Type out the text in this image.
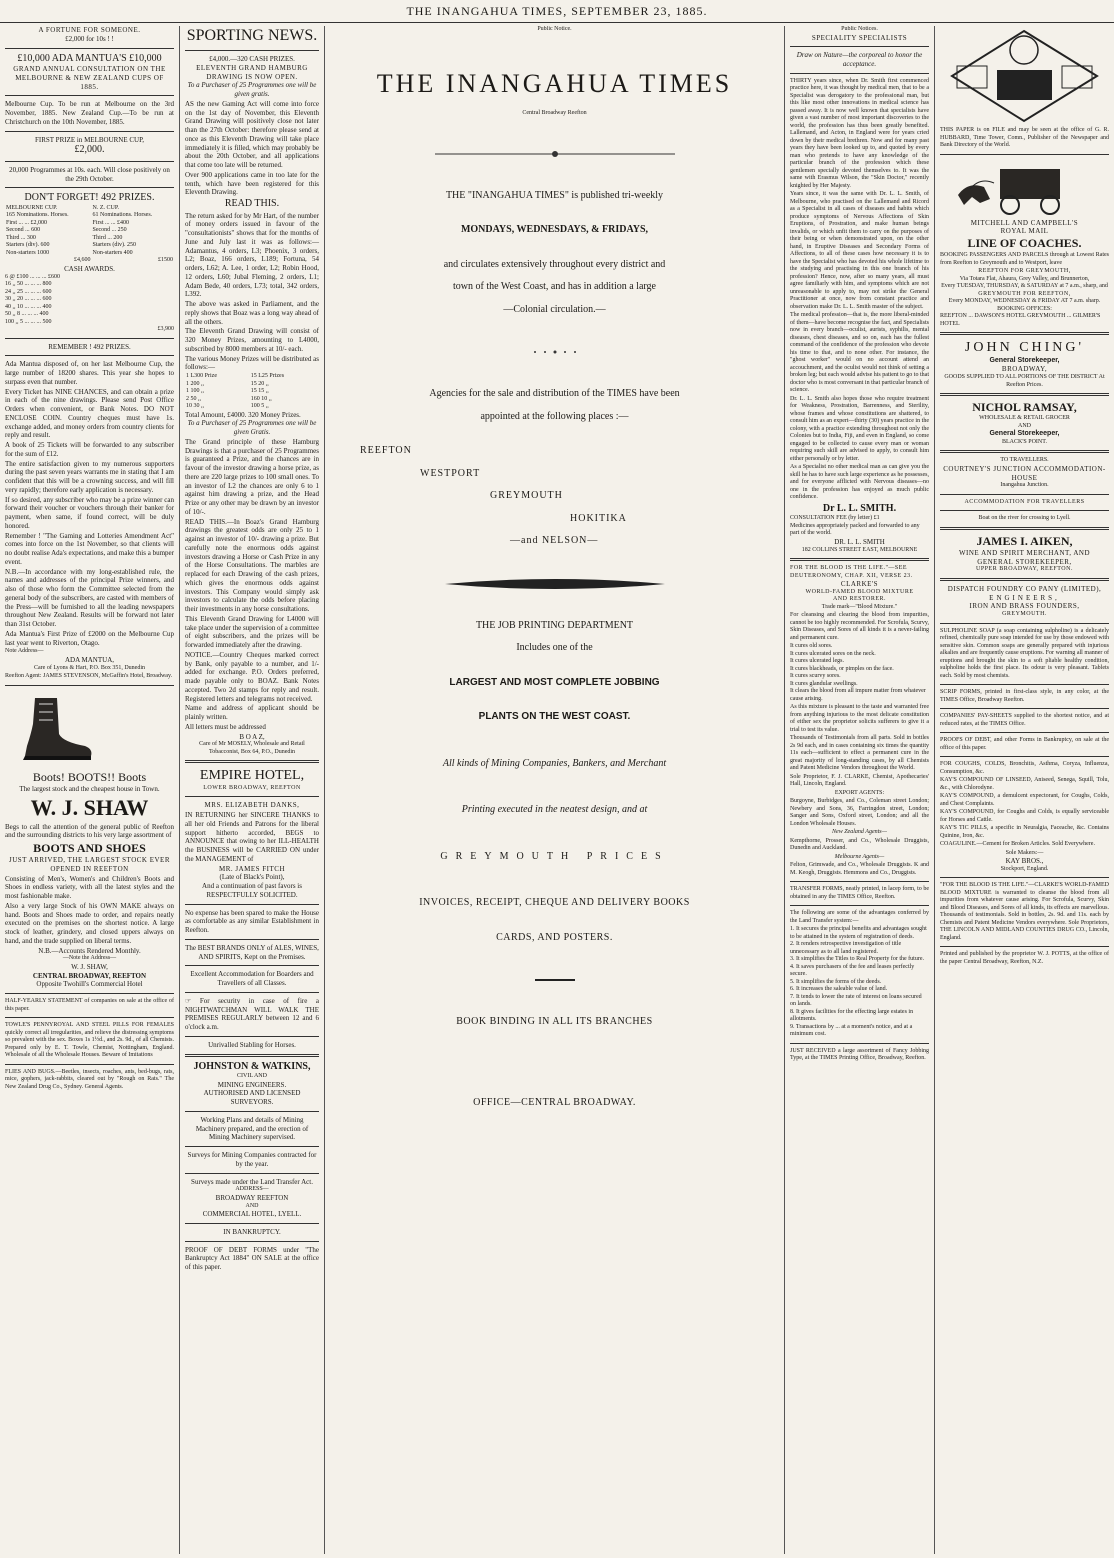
THE INANGAHUA TIMES, SEPTEMBER 23, 1885.
A FORTUNE FOR SOMEONE.
£2,000 for 10s ! !
£10,000 ADA MANTUA'S £10,000
GRAND ANNUAL CONSULTATION ON THE MELBOURNE & NEW ZEALAND CUPS OF 1885.

Melbourne Cup. To be run at Melbourne on the 3rd November, 1885. New Zealand Cup.—To be run at Christchurch on the 10th November, 1885.

FIRST PRIZE in MELBOURNE CUP,
£2,000.

20,000 Programmes at 10s. each. Will close positively on the 29th October.

DON'T FORGET! 492 PRIZES.
MELBOURNE CUP.	N. Z. CUP.
165 Nominations. Horses.	61 Nominations. Horses.
First ... ... £2,000	First ... ... £400
Second ... 600	Second ... 250
Third ... 300	Third ... 200
Starters (div). 600	Starters (div). 250
Non-starters 1000	Non-starters 400
£4,600	£1500
CASH AWARDS.
6 @ £100 ... ... ... £600
16 ,, 50 ... ... ... 800
24 ,, 25 ... ... ... 600
30 ,, 20 ... ... ... 600
40 ,, 10 ... ... ... 400
50 ,, 8 ... ... ... 400
100 ,, 5 ... ... ... 500
£3,900
REMEMBER ! 492 PRIZES.

Ada Mantua disposed of, on her last Melbourne Cup, the large number of 18200 shares. This year she hopes to surpass even that number.

Every Ticket has NINE CHANCES, and can obtain a prize in each of the nine drawings. Please send Post Office Orders when convenient, or Bank Notes. DO NOT ENCLOSE COIN. Country cheques must have 1s. exchange added, and money orders from country clients for reply and result.

A book of 25 Tickets will be forwarded to any subscriber for the sum of £12.

The entire satisfaction given to my numerous supporters during the past seven years warrants me in stating that I am confident that this will be a crowning success, and will fill very rapidly; therefore early application is necessary.

If so desired, any subscriber who may be a prize winner can forward their voucher or vouchers through their banker for payment, when same, if found correct, will be duly honored.

Remember ! "The Gaming and Lotteries Amendment Act" comes into force on the 1st November, so that clients will no doubt realise Ada's expectations, and make this a bumper event.

N.B.—In accordance with my long-established rule, the names and addresses of the principal Prize winners, and also of those who form the Committee selected from the general body of the subscribers, are casted with members of the Press—will be furnished to all the leading newspapers throughout New Zealand. Results will be forward not later than 31st October.

Ada Mantua's First Prize of £2000 on the Melbourne Cup last year went to Riverton, Otago.

Note Address—
ADA MANTUA,
Care of Lyons & Hart, P.O. Box 351, Dunedin

Reefton Agent: JAMES STEVENSON, McGaffin's Hotel, Broadway.

Boots! BOOTS!! Boots
The largest stock and the cheapest house in Town.
W. J. SHAW

Begs to call the attention of the general public of Reefton and the surrounding districts to his very large assortment of

BOOTS AND SHOES
JUST ARRIVED, THE LARGEST STOCK EVER OPENED IN REEFTON

Consisting of Men's, Women's and Children's Boots and Shoes in endless variety, with all the latest styles and the most fashionable make.

Also a very large Stock of his OWN MAKE always on hand. Boots and Shoes made to order, and repairs neatly executed on the premises on the shortest notice. A large stock of leather, grindery, and closed uppers always on hand, and the trade supplied on liberal terms.

N.B.—Accounts Rendered Monthly.
—Note the Address—
W. J. SHAW,
CENTRAL BROADWAY, REEFTON
Opposite Twohill's Commercial Hotel

HALF-YEARLY STATEMENT of companies on sale at the office of this paper.

TOWLE'S PENNYROYAL AND STEEL PILLS FOR FEMALES quickly correct all irregularities, and relieve the distressing symptoms so prevalent with the sex. Boxes 1s 1½d., and 2s. 9d., of all Chemists. Prepared only by E. T. Towle, Chemist, Nottingham, England. Wholesale of all the Wholesale Houses. Beware of Imitations

FLIES AND BUGS.—Beetles, insects, roaches, ants, bed-bugs, rats, mice, gophers, jack-rabbits, cleared out by "Rough on Rats." The New Zealand Drug Co., Sydney. General Agents.

SPORTING NEWS.
£4,000.—320 CASH PRIZES.
ELEVENTH GRAND HAMBURG DRAWING IS NOW OPEN.
To a Purchaser of 25 Programmes one will be given gratis.

AS the new Gaming Act will come into force on the 1st day of November, this Eleventh Grand Drawing will positively close not later than the 27th October: therefore please send at once as this Eleventh Drawing will take place immediately it is filled, which may probably be about the 20th October, and all applications that come too late will be returned.

Over 900 applications came in too late for the tenth, which have been registered for this Eleventh Drawing.

READ THIS.

The return asked for by Mr Hart, of the number of money orders issued in favour of the "consultationists" shows that for the months of June and July last it was as follows:—Adamantus, 4 orders, L3; Phoenix, 3 orders, L2; Boaz, 166 orders, L189; Fortuna, 54 orders, L62; A. Lee, 1 order, L2; Robin Hood, 12 orders, L60; Jubal Fleming, 2 orders, L1; Adam Bede, 40 orders, L73; total, 342 orders, L392.

The above was asked in Parliament, and the reply shows that Boaz was a long way ahead of all the others.

The Eleventh Grand Drawing will consist of 320 Money Prizes, amounting to L4000, subscribed by 8000 members at 10/- each.

The various Money Prizes will be distributed as follows:—

1 L300 Prize	15 L25 Prizes
1 200 ,,	15 20 ,,
1 100 ,,	15 15 ,,
2 50 ,,	160 10 ,,
10 30 ,,	100 5 ,,
Total Amount, £4000. 320 Money Prizes.
To a Purchaser of 25 Programmes one will be given Gratis.

The Grand principle of these Hamburg Drawings is that a purchaser of 25 Programmes is guaranteed a Prize, and the chances are in favour of the investor drawing a horse prize, as there are 220 large prizes to 100 small ones. To an investor of L2 the chances are only 6 to 1 against him drawing a prize, and the Head Prize or any other may be drawn by an investor of 10/-.

READ THIS.—In Boaz's Grand Hamburg drawings the greatest odds are only 25 to 1 against an investor of 10/- drawing a prize. But carefully note the enormous odds against investors drawing a Horse or Cash Prize in any of the Horse Consultations. The marbles are replaced for each Drawing of the cash prizes, which gives the enormous odds against investors. This Company would simply ask investors to calculate the odds before placing their investments in any horse consultations.

This Eleventh Grand Drawing for L4000 will take place under the supervision of a committee of eight subscribers, and the prizes will be forwarded immediately after the drawing.

NOTICE.—Country Cheques marked correct by Bank, only payable to a number, and 1/- added for exchange. P.O. Orders preferred, made payable only to BOAZ. Bank Notes accepted. Two 2d stamps for reply and result. Registered letters and telegrams not received.

Name and address of applicant should be plainly written.

All letters must be addressed

B O A Z,
Care of Mr MOSELY, Wholesale and Retail Tobacconist, Box 64, P.O., Dunedin
EMPIRE HOTEL,
LOWER BROADWAY, REEFTON
MRS. ELIZABETH DANKS,

IN RETURNING her SINCERE THANKS to all her old Friends and Patrons for the liberal support hitherto accorded, BEGS to ANNOUNCE that owing to her ILL-HEALTH the BUSINESS will be CARRIED ON under the MANAGEMENT of

MR. JAMES FITCH
(Late of Black's Point),
And a continuation of past favors is RESPECTFULLY SOLICITED.

No expense has been spared to make the House as comfortable as any similar Establishment in Reefton.

The BEST BRANDS ONLY of ALES, WINES, AND SPIRITS, Kept on the Premises.
Excellent Accommodation for Boarders and Travellers of all Classes.

☞ For security in case of fire a NIGHTWATCHMAN WILL WALK THE PREMISES REGULARLY between 12 and 6 o'clock a.m.

Unrivalled Stabling for Horses.
JOHNSTON & WATKINS,
CIVIL AND
MINING ENGINEERS.
AUTHORISED AND LICENSED SURVEYORS.
Working Plans and details of Mining Machinery prepared, and the erection of Mining Machinery supervised.
Surveys for Mining Companies contracted for by the year.
Surveys made under the Land Transfer Act.
ADDRESS—
BROADWAY REEFTON
AND
COMMERCIAL HOTEL, LYELL.
IN BANKRUPTCY.

PROOF OF DEBT FORMS under "The Bankruptcy Act 1884" ON SALE at the office of this paper.

Public Notice.
THE INANGAHUA TIMES
Central Broadway Reefton
THE "INANGAHUA TIMES" is published tri-weekly
MONDAYS, WEDNESDAYS, & FRIDAYS,
and circulates extensively throughout every district and
town of the West Coast, and has in addition a large
—Colonial circulation.—
Agencies for the sale and distribution of the TIMES have been
appointed at the following places :—
REEFTON
WESTPORT
GREYMOUTH
HOKITIKA
—and NELSON—
THE JOB PRINTING DEPARTMENT
Includes one of the
LARGEST AND MOST COMPLETE JOBBING
PLANTS ON THE WEST COAST.
All kinds of Mining Companies, Bankers, and Merchant
Printing executed in the neatest design, and at
GREYMOUTH PRICES
INVOICES, RECEIPT, CHEQUE AND DELIVERY BOOKS
CARDS, AND POSTERS.
BOOK BINDING IN ALL ITS BRANCHES
OFFICE—CENTRAL BROADWAY.
Public Notices.
SPECIALITY SPECIALISTS
Draw on Nature—the corporeal to honor the acceptance.

THIRTY years since, when Dr. Smith first commenced practice here, it was thought by medical men, that to be a Specialist was derogatory to the professional man, but this like most other innovations in medical science has passed away. It is now well known that specialists have given a vast number of most important discoveries to the world, the profession has thus been greatly benefited. Lallemand, and Acton, in England were for years cried down by their medical brethren. Now and for many past years they have been looked up to, and quoted by every man who pretends to have any knowledge of the particular branch of the profession which these gentlemen specially devoted themselves to. It was the same with Erasmus Wilson, the "Skin Doctor," recently knighted by Her Majesty.

Years since, it was the same with Dr. L. L. Smith, of Melbourne, who practised on the Lallemand and Ricord as a Specialist in all cases of diseases and habits which produce symptoms of Nervous Affections of Skin Eruptions, of Prostration, and make human beings invalids, or which unfit them to carry on the purposes of their being or when demonstrated upon, on the other hand, in Eruptive Diseases and Secondary Forms of Affections, to all of these cases how necessary it is to have the Specialist who has devoted his whole lifetime to the studying and practising in this one branch of his profession? Hence, now, after so many years, all must agree familiarly with him, and symptoms which are not unreasonable to apply to, may not strike the General Practitioner at once, now from constant practice and observation make Dr. L. L. Smith master of the subject.

The medical profession—that is, the more liberal-minded of them—have become recognise the fact, and Specialists now in every branch—oculist, aurists, syphilis, mental diseases, chest diseases, and so on, each has the fullest command of the confidence of the profession who devote his time to that, and to none other. For instance, the "ghost worker" would on no account attend an accouchment, and the oculist would not think of setting a broken leg; but each would advise his patient to go to that doctor who is most conversant in that particular branch of science.

Dr. L. L. Smith also hopes those who require treatment for Weakness, Prostration, Barrenness, and Sterility, whose frames and whose constitutions are shattered, to consult him as an expert—thirty (30) years practice in the colony, with a practice extending throughout not only the Colonies but to India, Fiji, and even in England, so come engaged to be collected to cause every man or woman requiring such skill are advised to apply, to consult him either personally or by letter.

As a Specialist no other medical man as can give you the skill he has to have such large experience as he possesses, and for everyone afflicted with Nervous diseases—no one in the profession has enjoyed as much public confidence.

Dr L. L. SMITH.
CONSULTATION FEE (by letter) £1
Medicines appropriately packed and forwarded to any part of the world.
DR. L. L. SMITH
182 COLLINS STREET EAST, MELBOURNE
FOR THE BLOOD IS THE LIFE."—SEE DEUTERONOMY, CHAP. XII, VERSE 23.
CLARKE'S
WORLD-FAMED BLOOD MIXTURE
AND RESTORER.
Trade mark—"Blood Mixture."

For cleansing and clearing the blood from impurities, cannot be too highly recommended. For Scrofula, Scurvy, Skin Diseases, and Sores of all kinds it is a never-failing and permanent cure.

It cures old sores.
It cures ulcerated sores on the neck.
It cures ulcerated legs.
It cures blackheads, or pimples on the face.
It cures scurvy sores.
It cures glandular swellings.
It clears the blood from all impure matter from whatever cause arising.

As this mixture is pleasant to the taste and warranted free from anything injurious to the most delicate constitution of either sex the proprietor solicits sufferers to give it a trial to test its value.

Thousands of Testimonials from all parts. Sold in bottles 2s 9d each, and in cases containing six times the quantity 11s each—sufficient to effect a permanent cure in the great majority of long-standing cases, by all Chemists and Patent Medicine Vendors throughout the World.

Sole Proprietor, F. J. CLARKE, Chemist, Apothecaries' Hall, Lincoln, England.

EXPORT AGENTS:

Burgoyne, Burbidges, and Co., Coleman street London; Newbery and Sons, 36, Farringdon street, London; Sanger and Sons, Oxford street, London; and all the London Wholesale Houses.

New Zealand Agents—

Kempthorne, Prosser, and Co., Wholesale Druggists, Dunedin and Auckland.

Melbourne Agents—

Felton, Grimwade, and Co., Wholesale Druggists. K and M. Keogh, Druggists. Hemmons and Co., Druggists.

TRANSFER FORMS, neatly printed, in lacep form, to be obtained in any the TIMES Office, Reefton.

The following are some of the advantages conferred by the Land Transfer system:—

1. It secures the principal benefits and advantages sought to be attained in the system of registration of deeds.
2. It renders retrospective investigation of title unnecessary as to all land registered.
3. It simplifies the Titles to Real Property for the future.
4. It saves purchasers of the fee and leases perfectly secure.
5. It simplifies the forms of the deeds.
6. It increases the saleable value of land.
7. It tends to lower the rate of interest on loans secured on lands.
8. It gives facilities for the effecting large estates in allotments.
9. Transactions by ... at a moment's notice, and at a minimum cost.

JUST RECEIVED a large assortment of Fancy Jobbing Type, at the TIMES Printing Office, Broadway, Reefton.

THIS PAPER is on FILE and may be seen at the office of G. R. HUBBARD, Time Tower, Comn., Publisher of the Newspaper and Bank Directory of the World.

MITCHELL AND CAMPBELL'S
ROYAL MAIL
LINE OF COACHES.

BOOKING PASSENGERS AND PARCELS through at Lowest Rates from Reefton to Greymouth and to Westport, leave

REEFTON FOR GREYMOUTH,
Via Totara Flat, Ahaura, Grey Valley, and Brunnerton,
Every TUESDAY, THURSDAY, & SATURDAY at 7 a.m., sharp, and
GREYMOUTH FOR REEFTON,
Every MONDAY, WEDNESDAY & FRIDAY AT 7 a.m. sharp.
BOOKING OFFICES:
REEFTON ... DAWSON'S HOTEL GREYMOUTH ... GILMER'S HOTEL
JOHN CHING'
General Storekeeper,
BROADWAY,
GOODS SUPPLIED TO ALL PORTIONS OF THE DISTRICT At Reefton Prices.
NICHOL RAMSAY,
WHOLESALE & RETAIL GROCER
AND
General Storekeeper,
BLACK'S POINT.
TO TRAVELLERS.
COURTNEY'S JUNCTION ACCOMMODATION-HOUSE
Inangahua Junction.
ACCOMMODATION FOR TRAVELLERS
Boat on the river for crossing to Lyell.
JAMES I. AIKEN,
WINE AND SPIRIT MERCHANT, AND GENERAL STOREKEEPER,
UPPER BROADWAY, REEFTON.
DISPATCH FOUNDRY CO PANY (LIMITED),
ENGINEERS,
IRON AND BRASS FOUNDERS,
GREYMOUTH.

SULPHOLINE SOAP (a soap containing sulpholine) is a delicately refined, chemically pure soap intended for use by those endowed with sensitive skin. Common soaps are generally prepared with injurious alkalies and are frequently cause eruptions. For warning all manner of eruptions and brought the skin to a soft pliable healthy condition, sulpholine holds the first place. Its odour is very pleasant. Tablets each. Sold by most chemists.

SCRIP FORMS, printed in first-class style, in any color, at the TIMES Office, Broadway Reefton.

COMPANIES' PAY-SHEETS supplied to the shortest notice, and at reduced rates, at the TIMES Office.

PROOFS OF DEBT, and other Forms in Bankruptcy, on sale at the office of this paper.

FOR COUGHS, COLDS, Bronchitis, Asthma, Coryza, Influenza, Consumption, &c.

KAY'S COMPOUND OF LINSEED, Aniseed, Senega, Squill, Tolu, &c., with Chlorodyne.

KAY'S COMPOUND, a demulcent expectorant, for Coughs, Colds, and Chest Complaints.

KAY'S COMPOUND, for Coughs and Colds, is equally serviceable for Horses and Cattle.

KAY'S TIC PILLS, a specific in Neuralgia, Faceache, &c. Contains Quinine, Iron, &c.

COAGULINE.—Cement for Broken Articles. Sold Everywhere.

Sole Makers:—
KAY BROS.,
Stockport, England.

"FOR THE BLOOD IS THE LIFE."—CLARKE'S WORLD-FAMED BLOOD MIXTURE is warranted to cleanse the blood from all impurities from whatever cause arising. For Scrofula, Scurvy, Skin and Blood Diseases, and Sores of all kinds, its effects are marvellous. Thousands of testimonials. Sold in bottles, 2s. 9d. and 11s. each by Chemists and Patent Medicine Vendors everywhere. Sole Proprietors, THE LINCOLN AND MIDLAND COUNTIES DRUG CO., Lincoln, England.

Printed and published by the proprietor W. J. POTTS, at the office of the paper Central Broadway, Reefton, N.Z.
